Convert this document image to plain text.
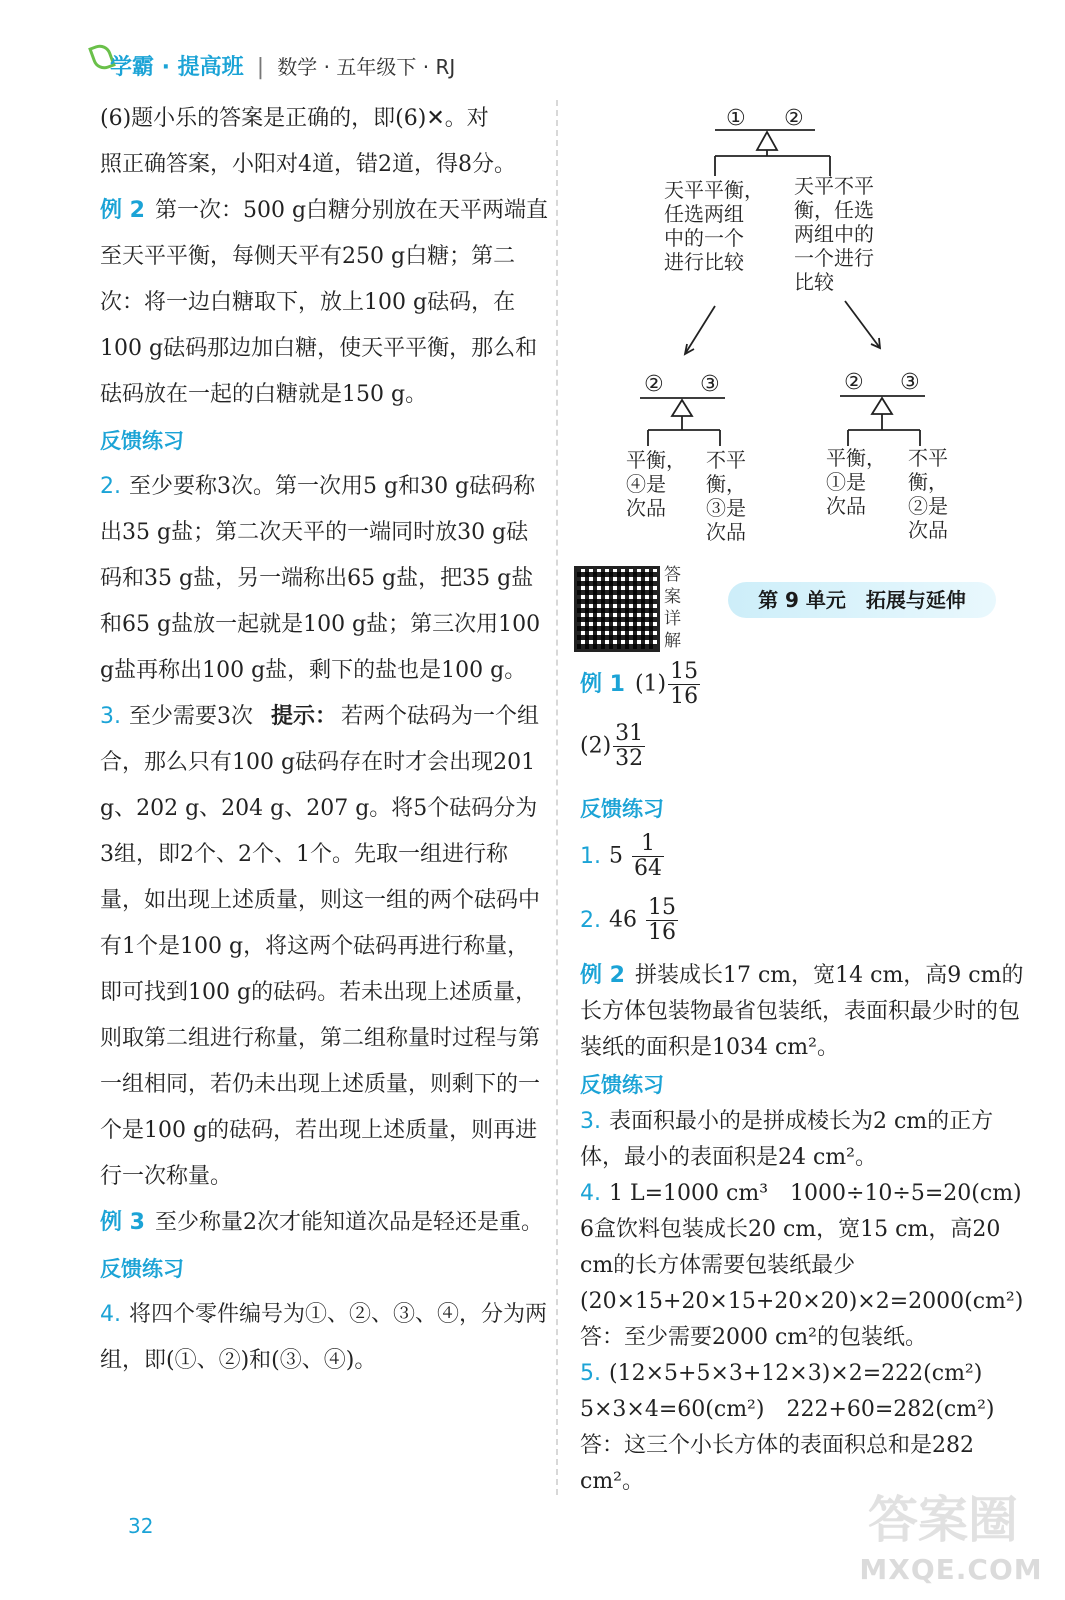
学霸 · 提高班 | 数学 · 五年级下 · RJ

(6)题小乐的答案是正确的，即(6)✕。对

照正确答案，小阳对4道，错2道，得8分。

例 2 第一次：500 g白糖分别放在天平两端直至天平平衡，每侧天平有250 g白糖；第二次：将一边白糖取下，放上100 g砝码，在100 g砝码那边加白糖，使天平平衡，那么和砝码放在一起的白糖就是150 g。

反馈练习

2. 至少要称3次。第一次用5 g和30 g砝码称出35 g盐；第二次天平的一端同时放30 g砝码和35 g盐，另一端称出65 g盐，把35 g盐和65 g盐放一起就是100 g盐；第三次用100 g盐再称出100 g盐，剩下的盐也是100 g。

3. 至少需要3次 提示： 若两个砝码为一个组合，那么只有100 g砝码存在时才会出现201 g、202 g、204 g、207 g。将5个砝码分为3组，即2个、2个、1个。先取一组进行称量，如出现上述质量，则这一组的两个砝码中有1个是100 g，将这两个砝码再进行称量，即可找到100 g的砝码。若未出现上述质量，则取第二组进行称量，第二组称量时过程与第一组相同，若仍未出现上述质量，则剩下的一个是100 g的砝码，若出现上述质量，则再进行一次称量。

例 3 至少称量2次才能知道次品是轻还是重。

反馈练习

4. 将四个零件编号为①、②、③、④，分为两组，即(①、②)和(③、④)。

① ②
天平平衡，
任选两组
中的一个
进行比较
天平不平
衡，任选
两组中的
一个进行
比较
② ③	② ③
平衡，
④是
次品
不平
衡，
③是
次品
平衡，
①是
次品
不平
衡，
②是
次品
答案详解
第 9 单元　拓展与延伸
例 1 $(1) \frac{15}{16}$
$(2) \frac{31}{32}$
反馈练习
1. $5 \frac{1}{64}$
2. $46 \frac{15}{16}$

例 2 拼装成长17 cm，宽14 cm，高9 cm的长方体包装物最省包装纸，表面积最少时的包装纸的面积是1034 cm²。

反馈练习

3. 表面积最小的是拼成棱长为2 cm的正方体，最小的表面积是24 cm²。

4. 1 L=1000 cm³　1000÷10÷5=20(cm)

6盒饮料包装成长20 cm，宽15 cm，高20 cm的长方体需要包装纸最少　(20×15+20×15+20×20)×2=2000(cm²)

答：至少需要2000 cm²的包装纸。

5. (12×5+5×3+12×3)×2=222(cm²)　5×3×4=60(cm²)　222+60=282(cm²)

答：这三个小长方体的表面积总和是282 cm²。

32	答案圈
MXQE.COM
